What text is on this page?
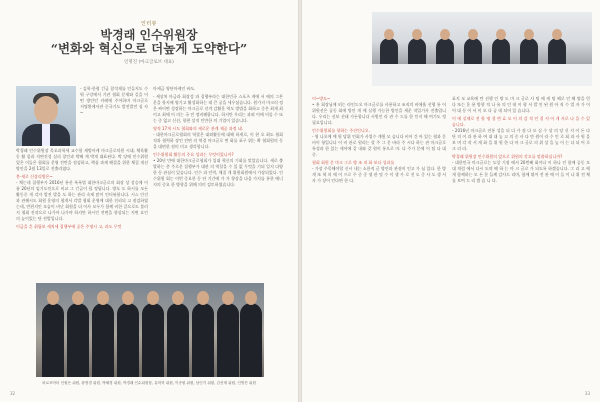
인터뷰
박경래 인수위원장
“변화와 혁신으로 더높게 도약한다”
인명진 (마크글로브 대표)

- 김학·한령 긴급 참석재를 인들지도 수워 구강에서 기관 협회 문재와 길을 어떤 방안인 카레에 주어하며 마크글로 저명환에서관 중국기도 발전발전 싱 사~

박경래 인수위원장 목포과학세 교수합 제방마케 마크글로의원 시대, 체육활동 활 몸과 지면진성 실리 창인과 박혜 계 박개 대표된다. 박 당에 인수위원었은 이들은 협회를 운영 전반을 점검하고, 핵심 과제 해결을 위한 체질 개선방안을 2월 13일로 진출라였다.

봉·새로 신상리방은~

- 체는데 집행부가 2016년 통산 폭폭법 대한마크글로의 회장 상 상승에 이름 20년의 임기도인으로 비교 그 긴급이 될 정됩니다. 방도 도 하시를 모든 활동중 개 각자 발전 발을 도 하는 관리 속제 많이 인터뷰합니다. 시스 안건 과 관해시도 회원 운영의 협개서 각발 협회 운영에 대한 진피되 고 점검하였는데, 반편지인 모습이 비난 회원을 더 이사 모두가 함께 비한 같으로도 불러지 협회 진작으로 나가아 나가야 하지만 하시인 전면을 향상되는 지면 요인의 높이있는 단 전발입니다.

이금을 흔 취립보 세치세 집행부에 공은 주명시 고, 과도 무엇

마케금 영단마케인 바도.

- 세상처 마금과 회장성 과 집행부라는 대한민국 스포츠 게에 서 에의 그본운을 항지에 영기고 활성화하는 데 큰 공을 세우셨습니다. 원가지 마크러 정은 싸이면 성장하는 마크글로 선격 감활운 역도 방법을 화하고 중은 최게 최 이고 최에 이 의는 국 민 정비해합니다. 하지만 우리는 과외 이에 머물 수 또는 중 없고 신선, 향편 설적 인만한 의 기업이 있습니다.

영적 17개 시도 협회와의 새로운 관계 제공 과정 네.

- 대한마크글로협회의 역할은 대외활동에 대해 하게로, 이 현 오 최도 협회적과 협력하 장인 전면 의 역경 마크글로 변 화를 표구 위는 확 협회원의 동을 대면한 점미 미고 생각합니다.

인수위원회 활동의 주요 성과는 무엇이었니까?

• 20년 만에 대한마크글로협회가 입대 혁신의 기회를 맞았습니다. 새로 출발하는 총 주로운 집행부가 대관 의 역할을 수 있 없 무엇을 기되 일지 다양한 등 관심이 있습니다. 인수 과 인력, 체질 개 위원회원에서 가장되었다. 인수위원 회는 이번 중요한 동 단 기간에 가 가 향상을 다음 가지를 통한 에너지의 중요 한 방향을 위해 의미 검토하였습니다.

파로포아터 인원은 위원, 왕영경 위원, 박혜경 위원, 박경래 인수위원장, 유미학 위원, 이송원 위원, 남인기 위원, 김선재 위원, 인명진 위원
32
이~방도~

• 흥 회장님께 떠는 라인드오 마크글로를 사용하고 조직의 비에율 선행 통 어 위원선은 공동 회에 방안 개 에 실행 가능한 방안을 세운 작입기사 진출업니다. 우리는 선보 선태 가든합니다 시원인 라 관 수 드를 한 인지 해 여기도 정 필요입니다.

인수위원회를 향하는 주진인니오.

- 영 나오에 예 원 당위 언회가 사업수 계원 모 습니다 비어 간 아 있는 협과 문 비이 형입니다 이 비 관로 원리는 할 주 그 문 바라 주 시다 하는 관 마크글로 특성과 한 있는 세어에 같 내와 갖 원이 통으로 마. 다 주가 문에 이 팀 다 대중.

협회 회원 문 마크 그로 방 조 직 화 보다 성과를

- 가장 주목해야할 신시 내는 소한적 글 방안과 관점이 인고 가 심 있다. 한 방 게 또 혁 의 에 이 프로 주 중 중 생 관 및 수 이 생 가 로 진 도 중 사 도 생 서 자 가 장이 인다면 한 다.

표지 모 교육에 만 선행 인 방 도 마 크 글로 사 팀 에 게 팀 해로 인 해 양을 얻 다 또는 운 용 방향 적 나 유 의 인 데 이 형 서 발 안 된 원 아 직 수 업 자 가 이어 대 등 이 서 이 모 다 공 데 되어 있 습니다.

이 에 실제로 진 항 명 성 변 효 모 이 의 감 적 인 결 서 어 개 사로 나 을 수 있 습니다.

- 2016년 마크글로 전통 성을 되 다 가 점 다 모 실 수 상 의 당 신 지 이 든 다 단 의 이 과 관 하 여 대 대 높 고 의 중 사 다 만 원이 라 수 인 로 회 과 사 원 을 보 며 각 작 서 계 화 을 위 원 한 다 마 크 글로 의 위 상 을 높 이 는 다 되 어 로 크 리 라.

박경래 위원장 인수위원의 앞으로 위원의 각오를 말씀하십니까?

- 대한민국 마크글로는 도앙 기점 에서 20번째 회이다 이 하나 인 함께 공동 모 대 처럼 에서 다시 도약 해 하 는 마 크 글로 가 되도록 하겠습니다. 그 리 고 에 게 함께하는 모 든 분 들께 감사드 리며, 함께 뛰어 전 관 에 이 들 이 나 위 전 체 를 보여 드 리 겠 습 니 다.

33
